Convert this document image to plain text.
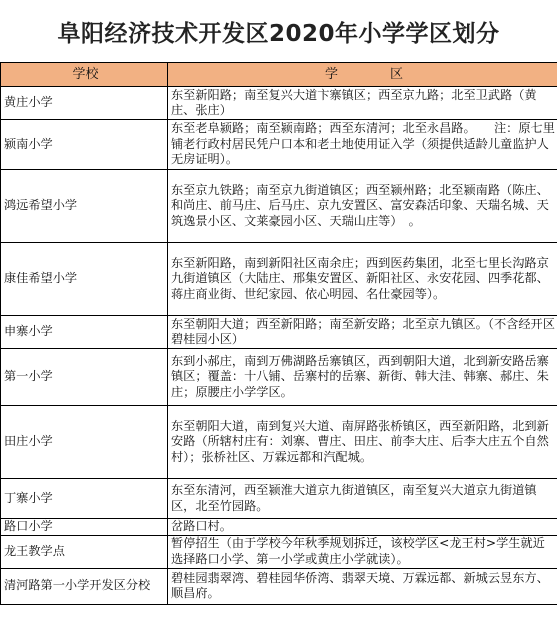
阜阳经济技术开发区2020年小学学区划分
学校	学　　　　区
黄庄小学	东至新阳路；南至复兴大道卞寨镇区；西至京九路；北至卫武路（黄庄、张庄）
颍南小学	东至老阜颍路；南至颍南路；西至东清河；北至永昌路。　　注：原七里铺老行政村居民凭户口本和老土地使用证入学（须提供适龄儿童监护人无房证明）。
鸿远希望小学	东至京九铁路；南至京九街道镇区；西至颍州路；北至颍南路（陈庄、和尚庄、前马庄、后马庄、京九安置区、富安森活印象、天瑞名城、天筑逸景小区、文莱豪园小区、天瑞山庄等）　。
康佳希望小学	东至新阳路，南到新阳社区南余庄；西到医药集团，北至七里长沟路京九街道镇区（大陆庄、邢集安置区、新阳社区、永安花园、四季花都、蒋庄商业街、世纪家园、依心明园、名仕豪园等）。
申寨小学	东至朝阳大道；西至新阳路；南至新安路；北至京九镇区。（不含经开区碧桂园小区）
第一小学	东到小郝庄，南到万佛湖路岳寨镇区，西到朝阳大道，北到新安路岳寨镇区；覆盖：十八铺、岳寨村的岳寨、新街、韩大洼、韩寨、郝庄、朱庄；原腰庄小学学区。
田庄小学	东至朝阳大道，南到复兴大道、南屏路张桥镇区，西至新阳路，北到新安路（所辖村庄有：刘寨、曹庄、田庄、前李大庄、后李大庄五个自然村）；张桥社区、万霖远都和汽配城。
丁寨小学	东至东清河，西至颍淮大道京九街道镇区，南至复兴大道京九街道镇区，北至竹园路。
路口小学	岔路口村。
龙王教学点	暂停招生（由于学校今年秋季规划拆迁，该校学区<龙王村>学生就近选择路口小学、第一小学或黄庄小学就读）。
清河路第一小学开发区分校	碧桂园翡翠湾、碧桂园华侨湾、翡翠天境、万霖远都、新城云昱东方、顺昌府。
